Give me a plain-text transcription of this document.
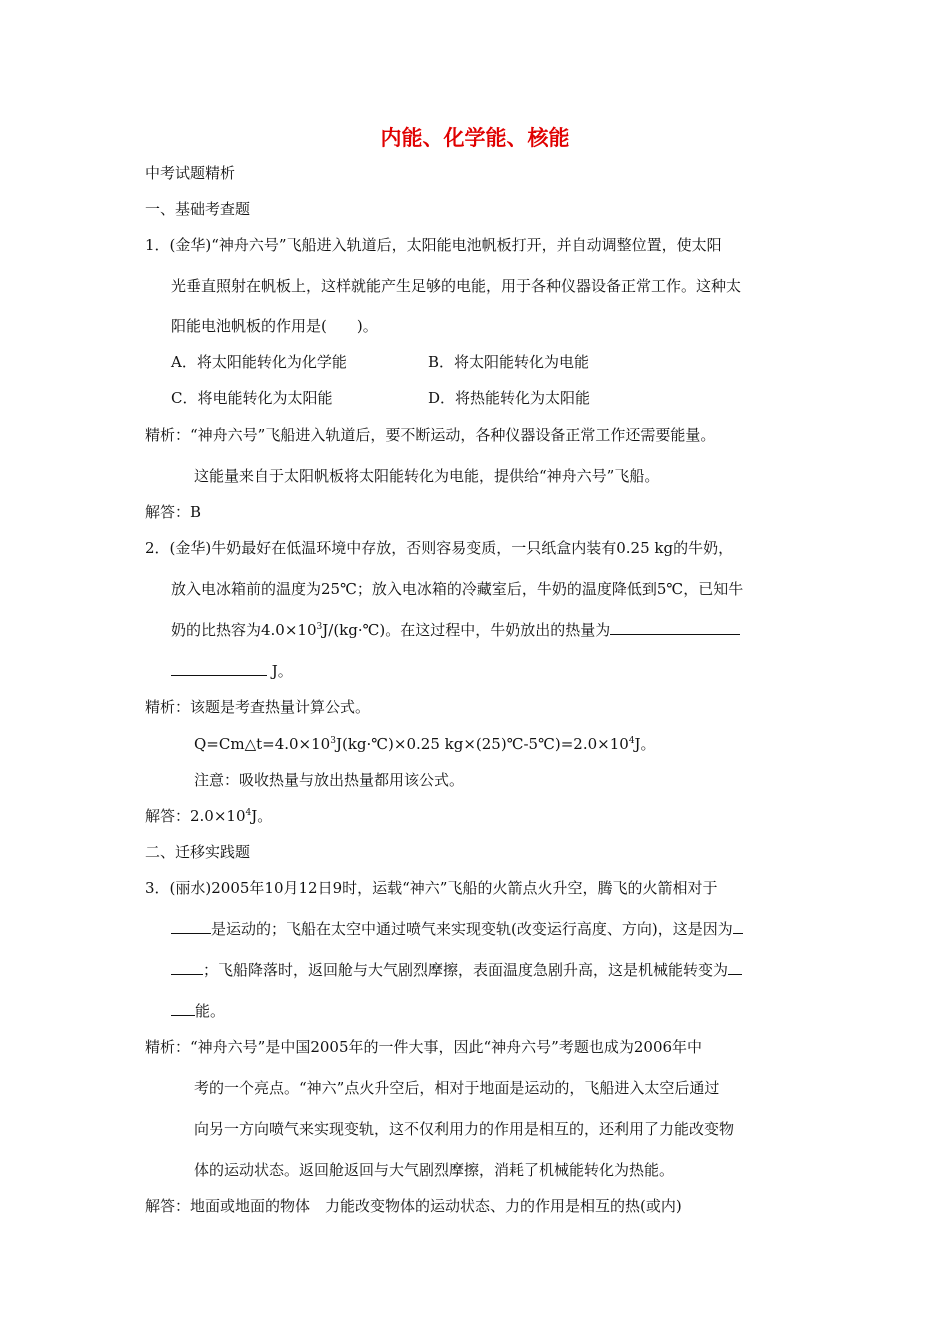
内能、化学能、核能
中考试题精析
一、基础考查题
1．(金华)“神舟六号”飞船进入轨道后，太阳能电池帆板打开，并自动调整位置，使太阳
光垂直照射在帆板上，这样就能产生足够的电能，用于各种仪器设备正常工作。这种太
阳能电池帆板的作用是(　　)。
A．将太阳能转化为化学能	B．将太阳能转化为电能
C．将电能转化为太阳能	D．将热能转化为太阳能
精析：“神舟六号”飞船进入轨道后，要不断运动，各种仪器设备正常工作还需要能量。
这能量来自于太阳帆板将太阳能转化为电能，提供给“神舟六号”飞船。
解答：B
2．(金华)牛奶最好在低温环境中存放，否则容易变质，一只纸盒内装有0.25 kg的牛奶，
放入电冰箱前的温度为25℃；放入电冰箱的冷藏室后，牛奶的温度降低到5℃，已知牛
奶的比热容为$4.0\times 10^3J/(kg\cdot℃)$。在这过程中，牛奶放出的热量为
J。
精析：该题是考查热量计算公式。
$Q=Cm\triangle t=4.0\times 10^3J(kg\cdot℃)\times 0.25$ $kg\times(25)℃-5℃)=2.0\times 10^4J$。
注意：吸收热量与放出热量都用该公式。
解答：$2.0\times 10^4J$。
二、迁移实践题
3．(丽水)2005年10月12日9时，运载“神六”飞船的火箭点火升空，腾飞的火箭相对于
是运动的；飞船在太空中通过喷气来实现变轨(改变运行高度、方向)，这是因为
；飞船降落时，返回舱与大气剧烈摩擦，表面温度急剧升高，这是机械能转变为
能。
精析：“神舟六号”是中国2005年的一件大事，因此“神舟六号”考题也成为2006年中
考的一个亮点。“神六”点火升空后，相对于地面是运动的，飞船进入太空后通过
向另一方向喷气来实现变轨，这不仅利用力的作用是相互的，还利用了力能改变物
体的运动状态。返回舱返回与大气剧烈摩擦，消耗了机械能转化为热能。
解答：地面或地面的物体　力能改变物体的运动状态、力的作用是相互的热(或内)
